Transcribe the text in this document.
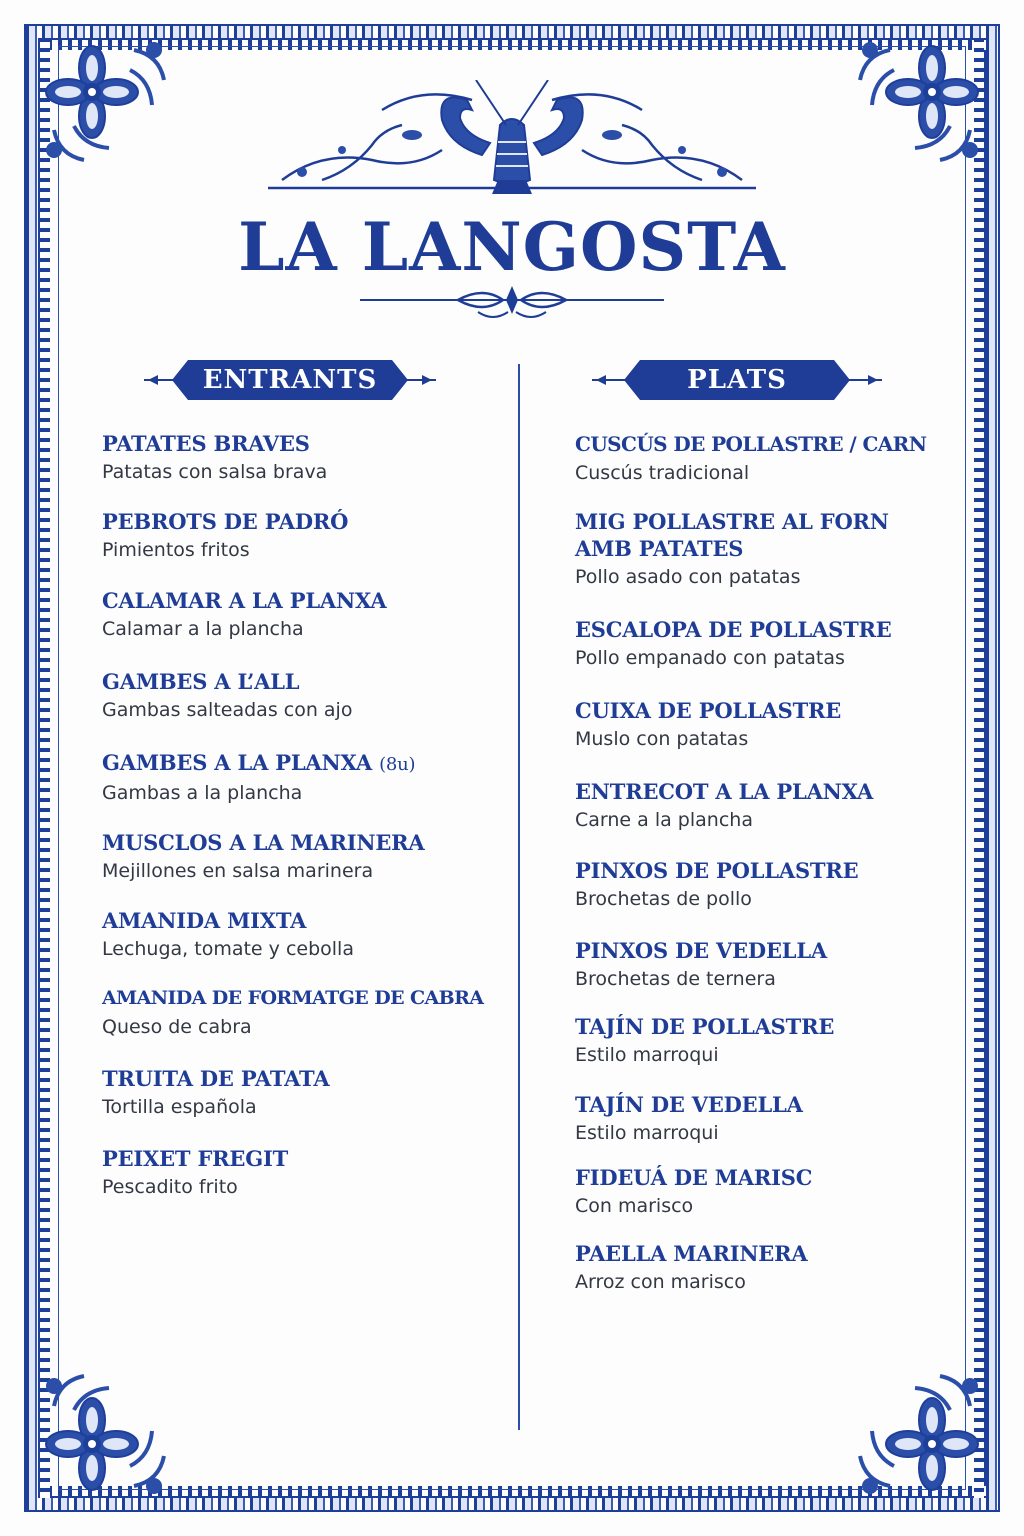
LA LANGOSTA
ENTRANTS	PLATS
PATATES BRAVES
Patatas con salsa brava
PEBROTS DE PADRÓ
Pimientos fritos
CALAMAR A LA PLANXA
Calamar a la plancha
GAMBES A L’ALL
Gambas salteadas con ajo
GAMBES A LA PLANXA (8u)
Gambas a la plancha
MUSCLOS A LA MARINERA
Mejillones en salsa marinera
AMANIDA MIXTA
Lechuga, tomate y cebolla
AMANIDA DE FORMATGE DE CABRA
Queso de cabra
TRUITA DE PATATA
Tortilla española
PEIXET FREGIT
Pescadito frito
CUSCÚS DE POLLASTRE / CARN
Cuscús tradicional
MIG POLLASTRE AL FORN AMB PATATES
Pollo asado con patatas
ESCALOPA DE POLLASTRE
Pollo empanado con patatas
CUIXA DE POLLASTRE
Muslo con patatas
ENTRECOT A LA PLANXA
Carne a la plancha
PINXOS DE POLLASTRE
Brochetas de pollo
PINXOS DE VEDELLA
Brochetas de ternera
TAJÍN DE POLLASTRE
Estilo marroqui
TAJÍN DE VEDELLA
Estilo marroqui
FIDEUÁ DE MARISC
Con marisco
PAELLA MARINERA
Arroz con marisco
